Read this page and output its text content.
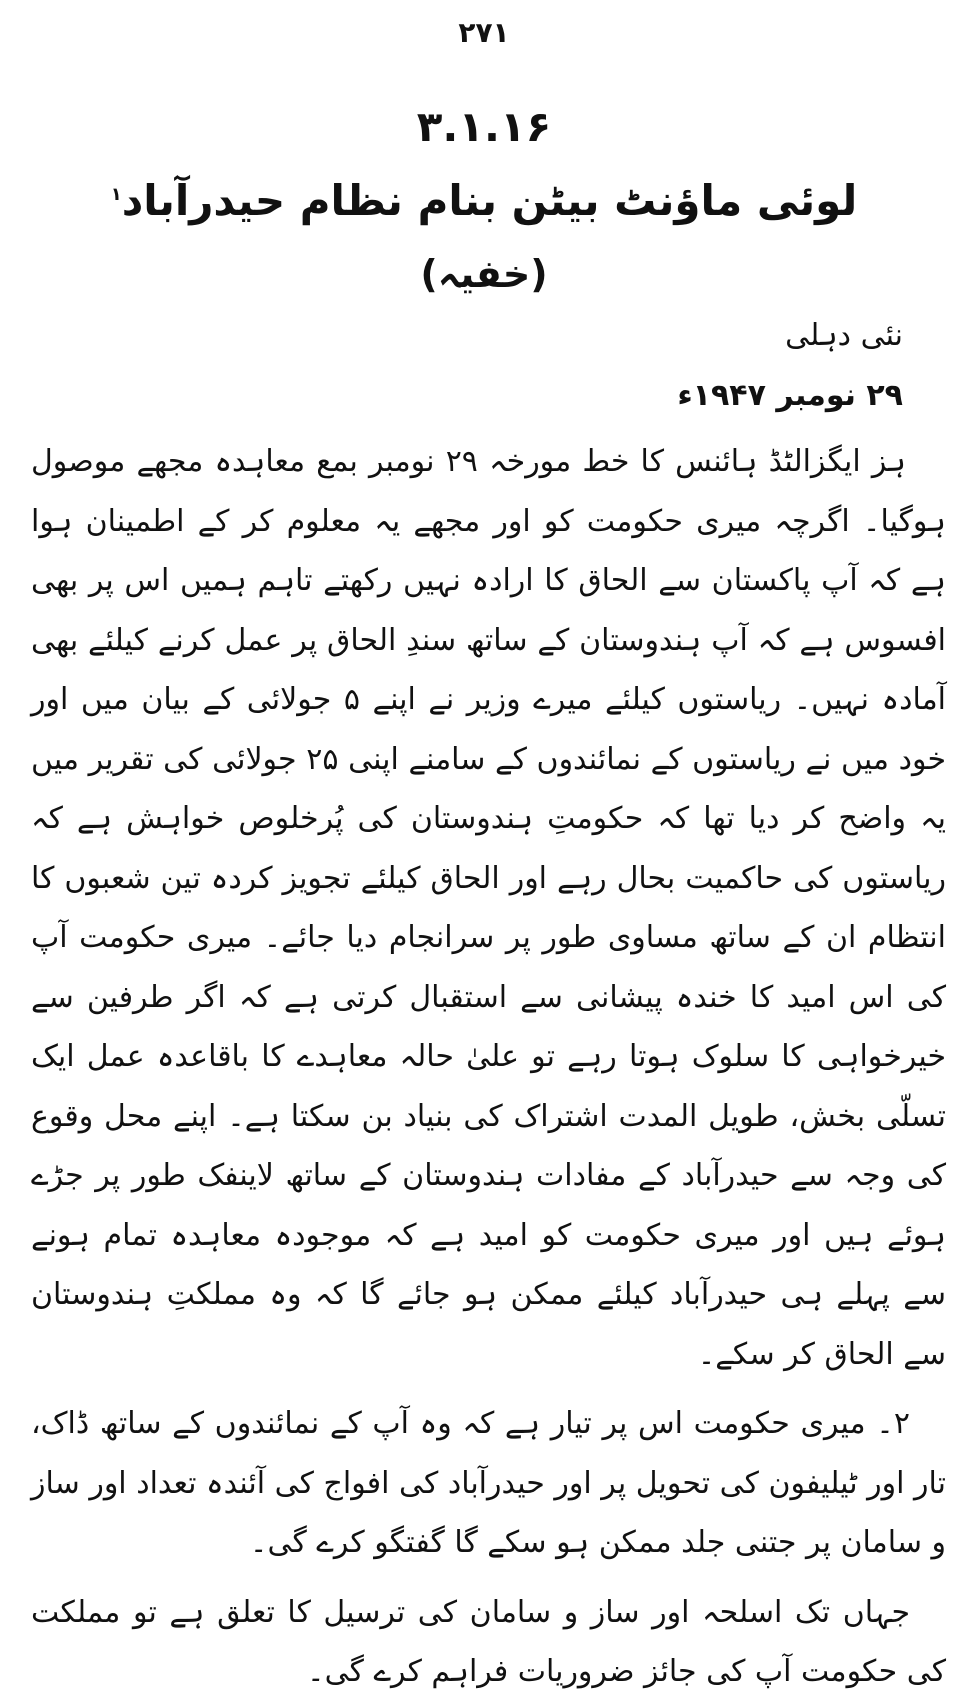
۲۷۱
۳.۱.۱۶
لوئی ماؤنٹ بیٹن بنام نظام حیدرآباد$^۱$
(خفیہ)
نئی دہلی
۲۹ نومبر ۱۹۴۷ء

ہز ایگزالٹڈ ہائنس کا خط مورخہ ۲۹ نومبر بمع معاہدہ مجھے موصول ہوگیا۔ اگرچہ میری حکومت کو اور مجھے یہ معلوم کر کے اطمینان ہوا ہے کہ آپ پاکستان سے الحاق کا ارادہ نہیں رکھتے تاہم ہمیں اس پر بھی افسوس ہے کہ آپ ہندوستان کے ساتھ سندِ الحاق پر عمل کرنے کیلئے بھی آمادہ نہیں۔ ریاستوں کیلئے میرے وزیر نے اپنے ۵ جولائی کے بیان میں اور خود میں نے ریاستوں کے نمائندوں کے سامنے اپنی ۲۵ جولائی کی تقریر میں یہ واضح کر دیا تھا کہ حکومتِ ہندوستان کی پُرخلوص خواہش ہے کہ ریاستوں کی حاکمیت بحال رہے اور الحاق کیلئے تجویز کردہ تین شعبوں کا انتظام ان کے ساتھ مساوی طور پر سرانجام دیا جائے۔ میری حکومت آپ کی اس امید کا خندہ پیشانی سے استقبال کرتی ہے کہ اگر طرفین سے خیرخواہی کا سلوک ہوتا رہے تو علیٰ حالہ معاہدے کا باقاعدہ عمل ایک تسلّی بخش، طویل المدت اشتراک کی بنیاد بن سکتا ہے۔ اپنے محل وقوع کی وجہ سے حیدرآباد کے مفادات ہندوستان کے ساتھ لاینفک طور پر جڑے ہوئے ہیں اور میری حکومت کو امید ہے کہ موجودہ معاہدہ تمام ہونے سے پہلے ہی حیدرآباد کیلئے ممکن ہو جائے گا کہ وہ مملکتِ ہندوستان سے الحاق کر سکے۔

۲۔ میری حکومت اس پر تیار ہے کہ وہ آپ کے نمائندوں کے ساتھ ڈاک، تار اور ٹیلیفون کی تحویل پر اور حیدرآباد کی افواج کی آئندہ تعداد اور ساز و سامان پر جتنی جلد ممکن ہو سکے گا گفتگو کرے گی۔

جہاں تک اسلحہ اور ساز و سامان کی ترسیل کا تعلق ہے تو مملکت کی حکومت آپ کی جائز ضروریات فراہم کرے گی۔
